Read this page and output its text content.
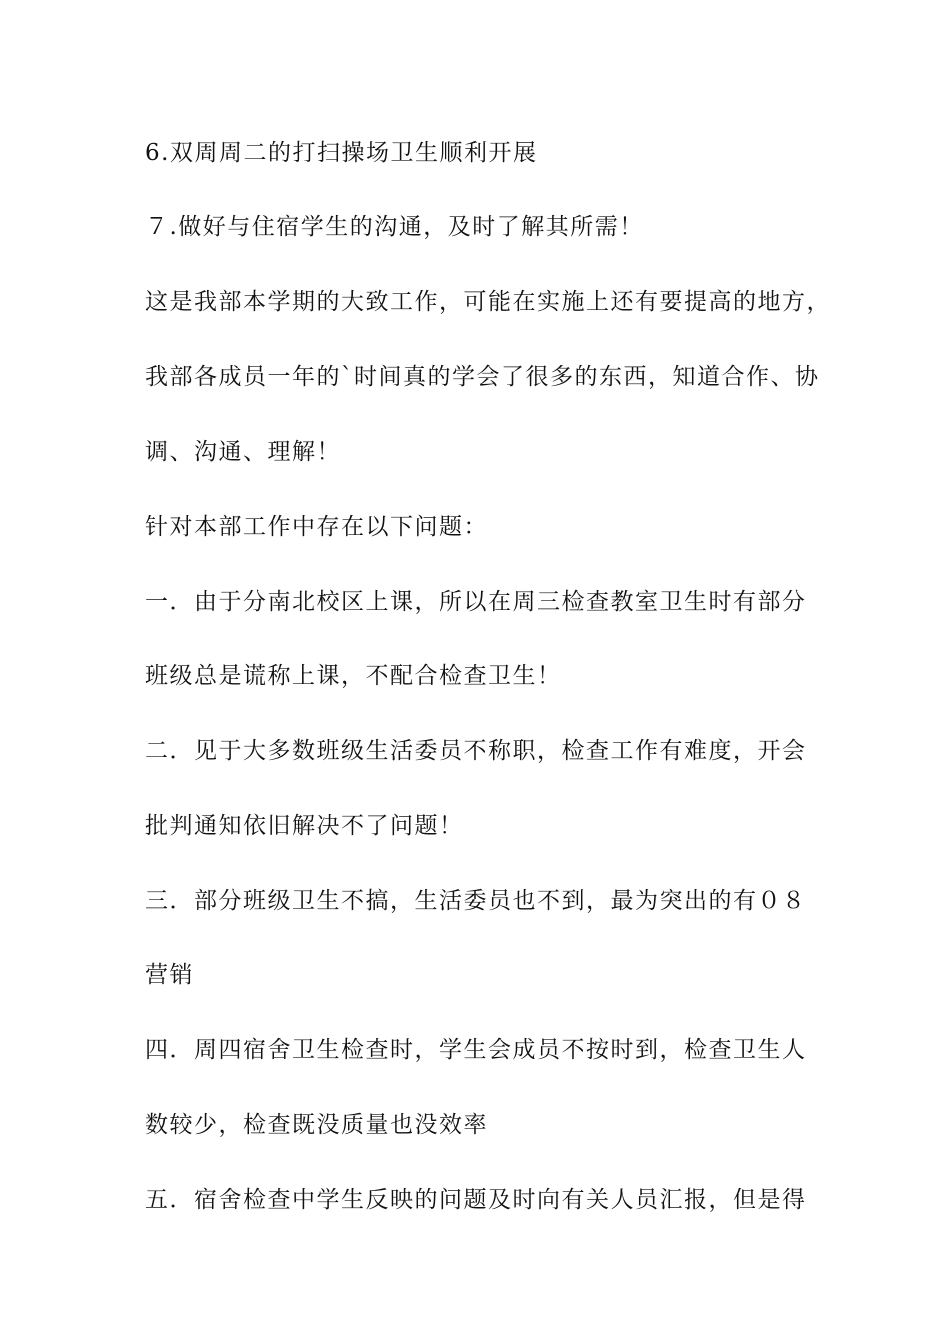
6.双周周二的打扫操场卫生顺利开展
７.做好与住宿学生的沟通，及时了解其所需！
这是我部本学期的大致工作，可能在实施上还有要提高的地方，
我部各成员一年的`时间真的学会了很多的东西，知道合作、协
调、沟通、理解！
针对本部工作中存在以下问题：
一．由于分南北校区上课，所以在周三检查教室卫生时有部分
班级总是谎称上课，不配合检查卫生！
二．见于大多数班级生活委员不称职，检查工作有难度，开会
批判通知依旧解决不了问题！
三．部分班级卫生不搞，生活委员也不到，最为突出的有０８
营销
四．周四宿舍卫生检查时，学生会成员不按时到，检查卫生人
数较少，检查既没质量也没效率
五．宿舍检查中学生反映的问题及时向有关人员汇报，但是得
